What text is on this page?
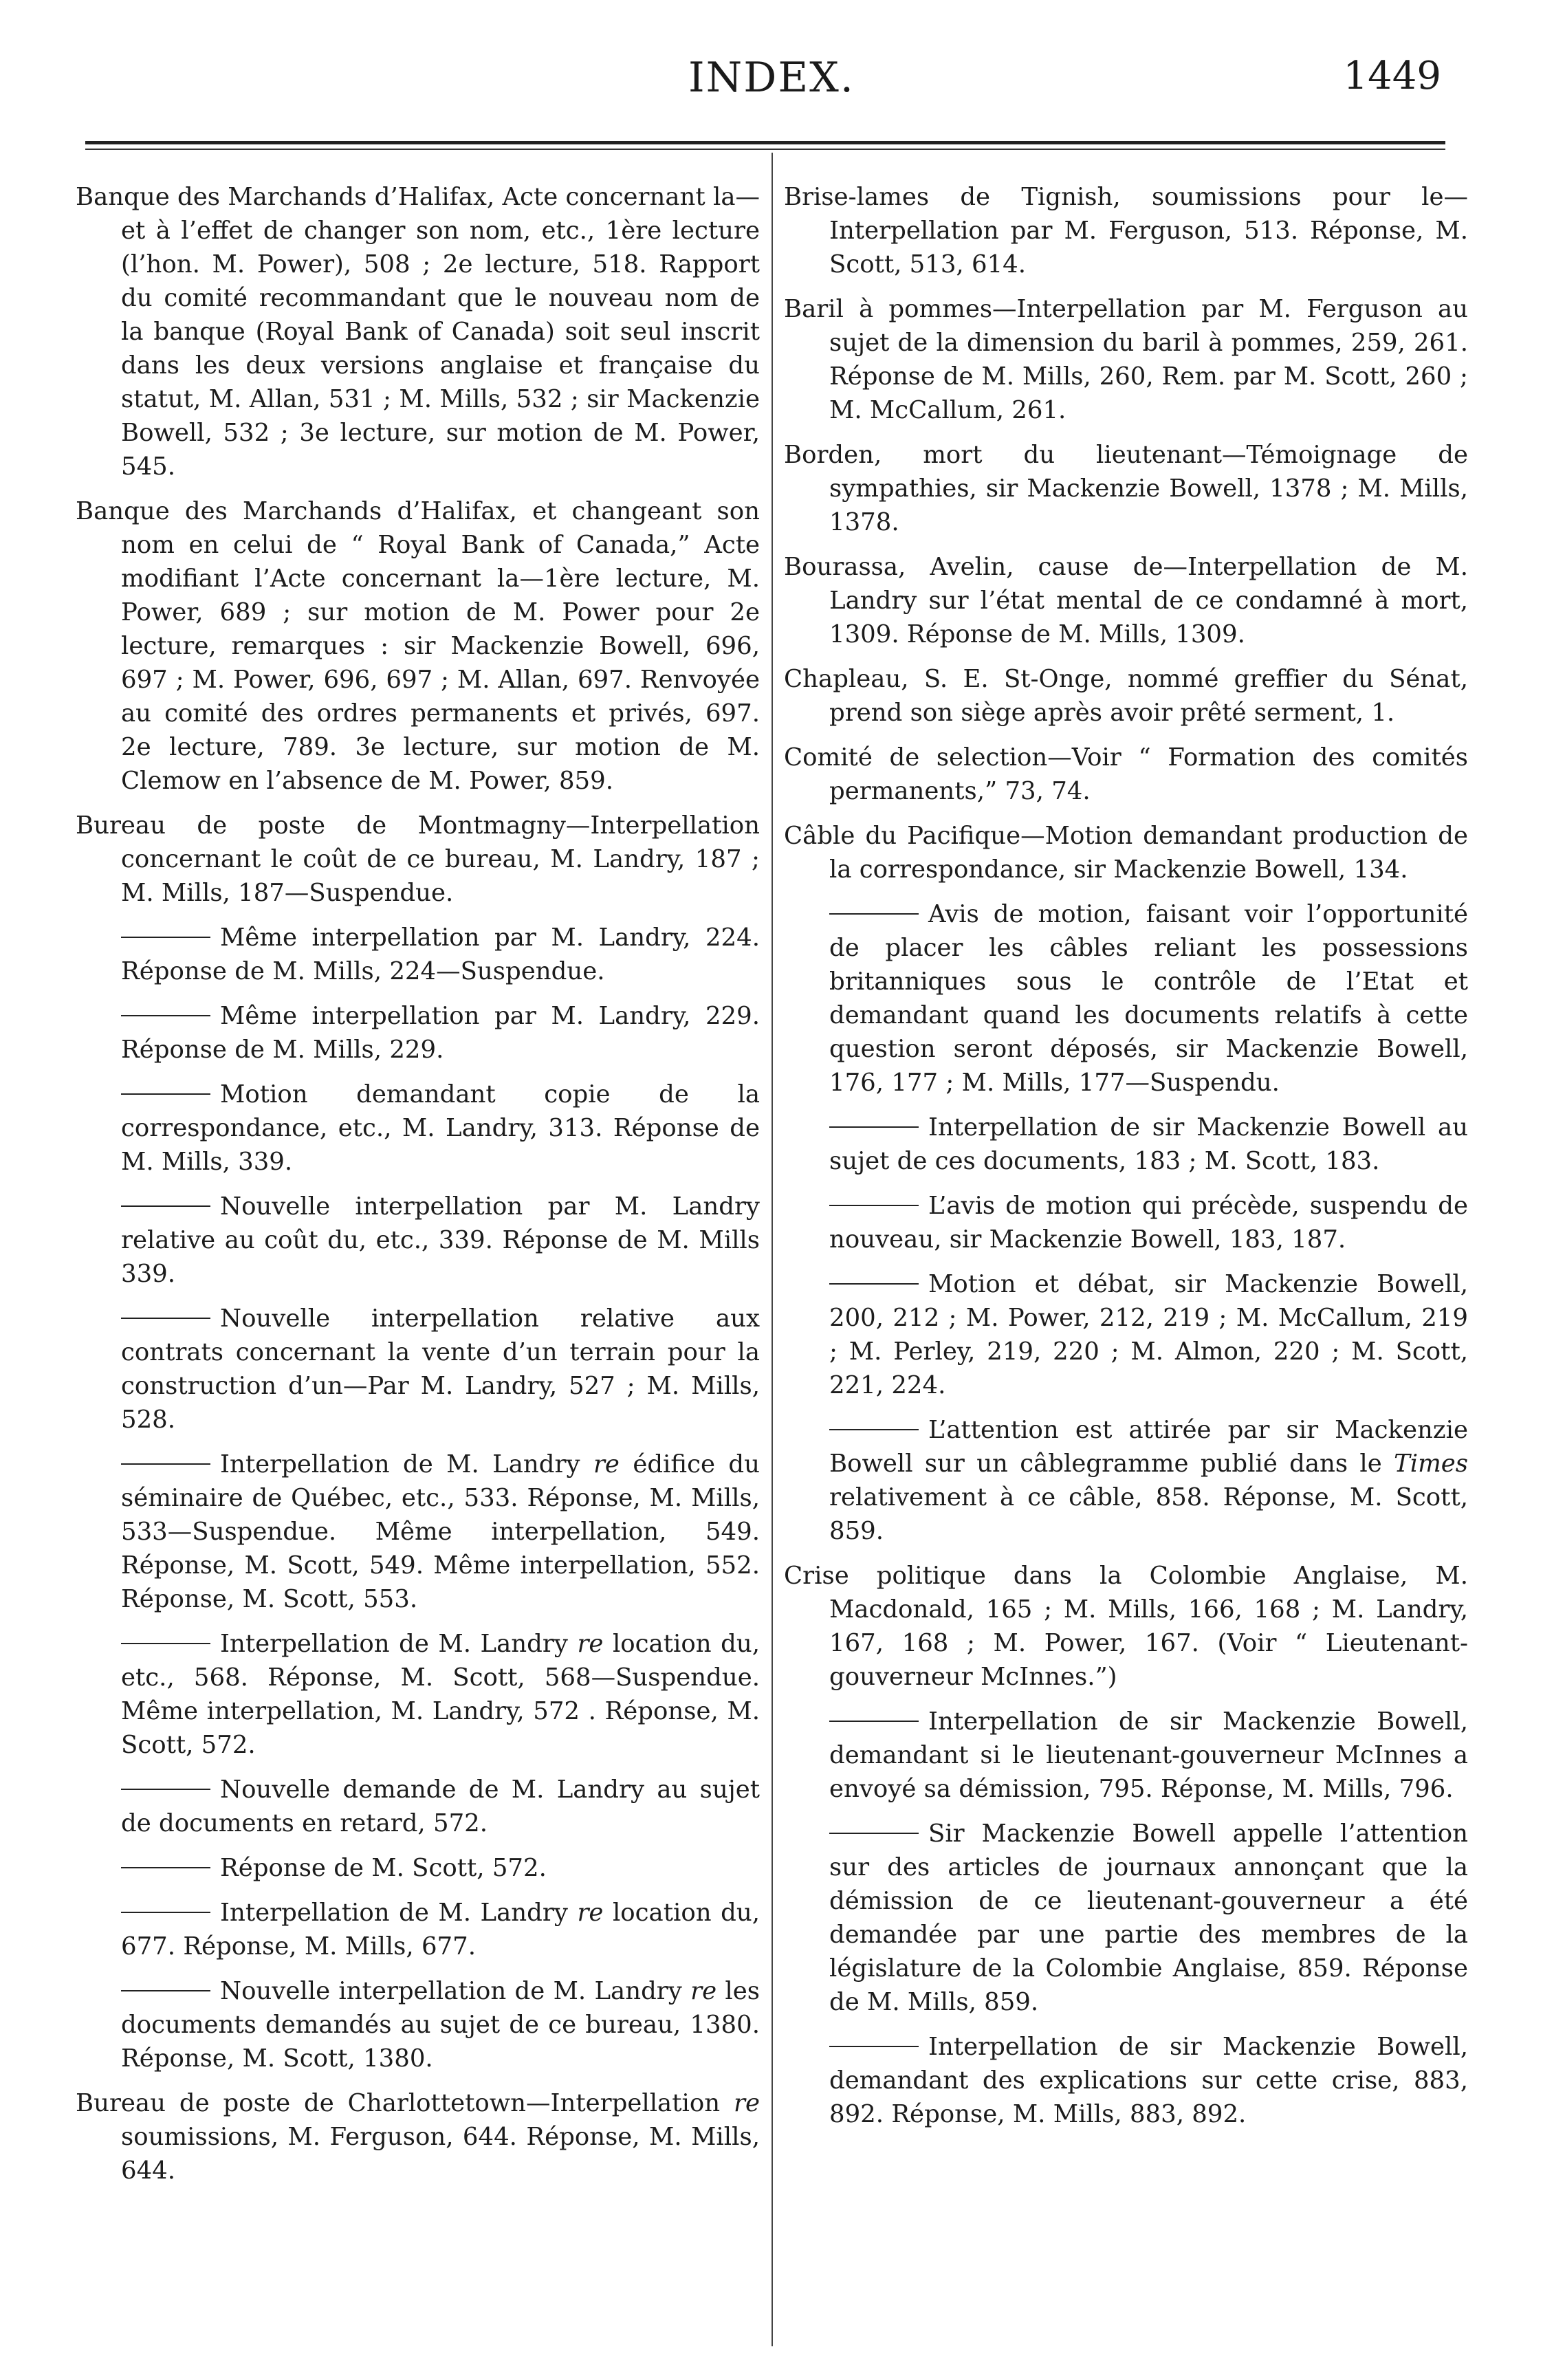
INDEX.	1449

Banque des Marchands d’Halifax, Acte concernant la—et à l’effet de changer son nom, etc., 1ère lecture (l’hon. M. Power), 508 ; 2e lecture, 518. Rapport du comité recommandant que le nouveau nom de la banque (Royal Bank of Canada) soit seul inscrit dans les deux versions anglaise et française du statut, M. Allan, 531 ; M. Mills, 532 ; sir Mackenzie Bowell, 532 ; 3e lecture, sur motion de M. Power, 545.

Banque des Marchands d’Halifax, et changeant son nom en celui de “ Royal Bank of Canada,” Acte modifiant l’Acte concernant la—1ère lecture, M. Power, 689 ; sur motion de M. Power pour 2e lecture, remarques : sir Mackenzie Bowell, 696, 697 ; M. Power, 696, 697 ; M. Allan, 697. Renvoyée au comité des ordres permanents et privés, 697. 2e lecture, 789. 3e lecture, sur motion de M. Clemow en l’absence de M. Power, 859.

Bureau de poste de Montmagny—Interpellation concernant le coût de ce bureau, M. Landry, 187 ; M. Mills, 187—Suspendue.

Même interpellation par M. Landry, 224. Réponse de M. Mills, 224—Suspendue.

Même interpellation par M. Landry, 229. Réponse de M. Mills, 229.

Motion demandant copie de la correspondance, etc., M. Landry, 313. Réponse de M. Mills, 339.

Nouvelle interpellation par M. Landry relative au coût du, etc., 339. Réponse de M. Mills 339.

Nouvelle interpellation relative aux contrats concernant la vente d’un terrain pour la construction d’un—Par M. Landry, 527 ; M. Mills, 528.

Interpellation de M. Landry re édifice du séminaire de Québec, etc., 533. Réponse, M. Mills, 533—Suspendue. Même interpellation, 549. Réponse, M. Scott, 549. Même interpellation, 552. Réponse, M. Scott, 553.

Interpellation de M. Landry re location du, etc., 568. Réponse, M. Scott, 568—Suspendue. Même interpellation, M. Landry, 572 . Réponse, M. Scott, 572.

Nouvelle demande de M. Landry au sujet de documents en retard, 572.

Réponse de M. Scott, 572.

Interpellation de M. Landry re location du, 677. Réponse, M. Mills, 677.

Nouvelle interpellation de M. Landry re les documents demandés au sujet de ce bureau, 1380. Réponse, M. Scott, 1380.

Bureau de poste de Charlottetown—Interpellation re soumissions, M. Ferguson, 644. Réponse, M. Mills, 644.

Brise-lames de Tignish, soumissions pour le—Interpellation par M. Ferguson, 513. Réponse, M. Scott, 513, 614.

Baril à pommes—Interpellation par M. Ferguson au sujet de la dimension du baril à pommes, 259, 261. Réponse de M. Mills, 260, Rem. par M. Scott, 260 ; M. McCallum, 261.

Borden, mort du lieutenant—Témoignage de sympathies, sir Mackenzie Bowell, 1378 ; M. Mills, 1378.

Bourassa, Avelin, cause de—Interpellation de M. Landry sur l’état mental de ce condamné à mort, 1309. Réponse de M. Mills, 1309.

Chapleau, S. E. St-Onge, nommé greffier du Sénat, prend son siège après avoir prêté serment, 1.

Comité de selection—Voir “ Formation des comités permanents,” 73, 74.

Câble du Pacifique—Motion demandant production de la correspondance, sir Mackenzie Bowell, 134.

Avis de motion, faisant voir l’opportunité de placer les câbles reliant les possessions britanniques sous le contrôle de l’Etat et demandant quand les documents relatifs à cette question seront déposés, sir Mackenzie Bowell, 176, 177 ; M. Mills, 177—Suspendu.

Interpellation de sir Mackenzie Bowell au sujet de ces documents, 183 ; M. Scott, 183.

L’avis de motion qui précède, suspendu de nouveau, sir Mackenzie Bowell, 183, 187.

Motion et débat, sir Mackenzie Bowell, 200, 212 ; M. Power, 212, 219 ; M. McCallum, 219 ; M. Perley, 219, 220 ; M. Almon, 220 ; M. Scott, 221, 224.

L’attention est attirée par sir Mackenzie Bowell sur un câblegramme publié dans le Times relativement à ce câble, 858. Réponse, M. Scott, 859.

Crise politique dans la Colombie Anglaise, M. Macdonald, 165 ; M. Mills, 166, 168 ; M. Landry, 167, 168 ; M. Power, 167. (Voir “ Lieutenant-gouverneur McInnes.”)

Interpellation de sir Mackenzie Bowell, demandant si le lieutenant-gouverneur McInnes a envoyé sa démission, 795. Réponse, M. Mills, 796.

Sir Mackenzie Bowell appelle l’attention sur des articles de journaux annonçant que la démission de ce lieutenant-gouverneur a été demandée par une partie des membres de la législature de la Colombie Anglaise, 859. Réponse de M. Mills, 859.

Interpellation de sir Mackenzie Bowell, demandant des explications sur cette crise, 883, 892. Réponse, M. Mills, 883, 892.
